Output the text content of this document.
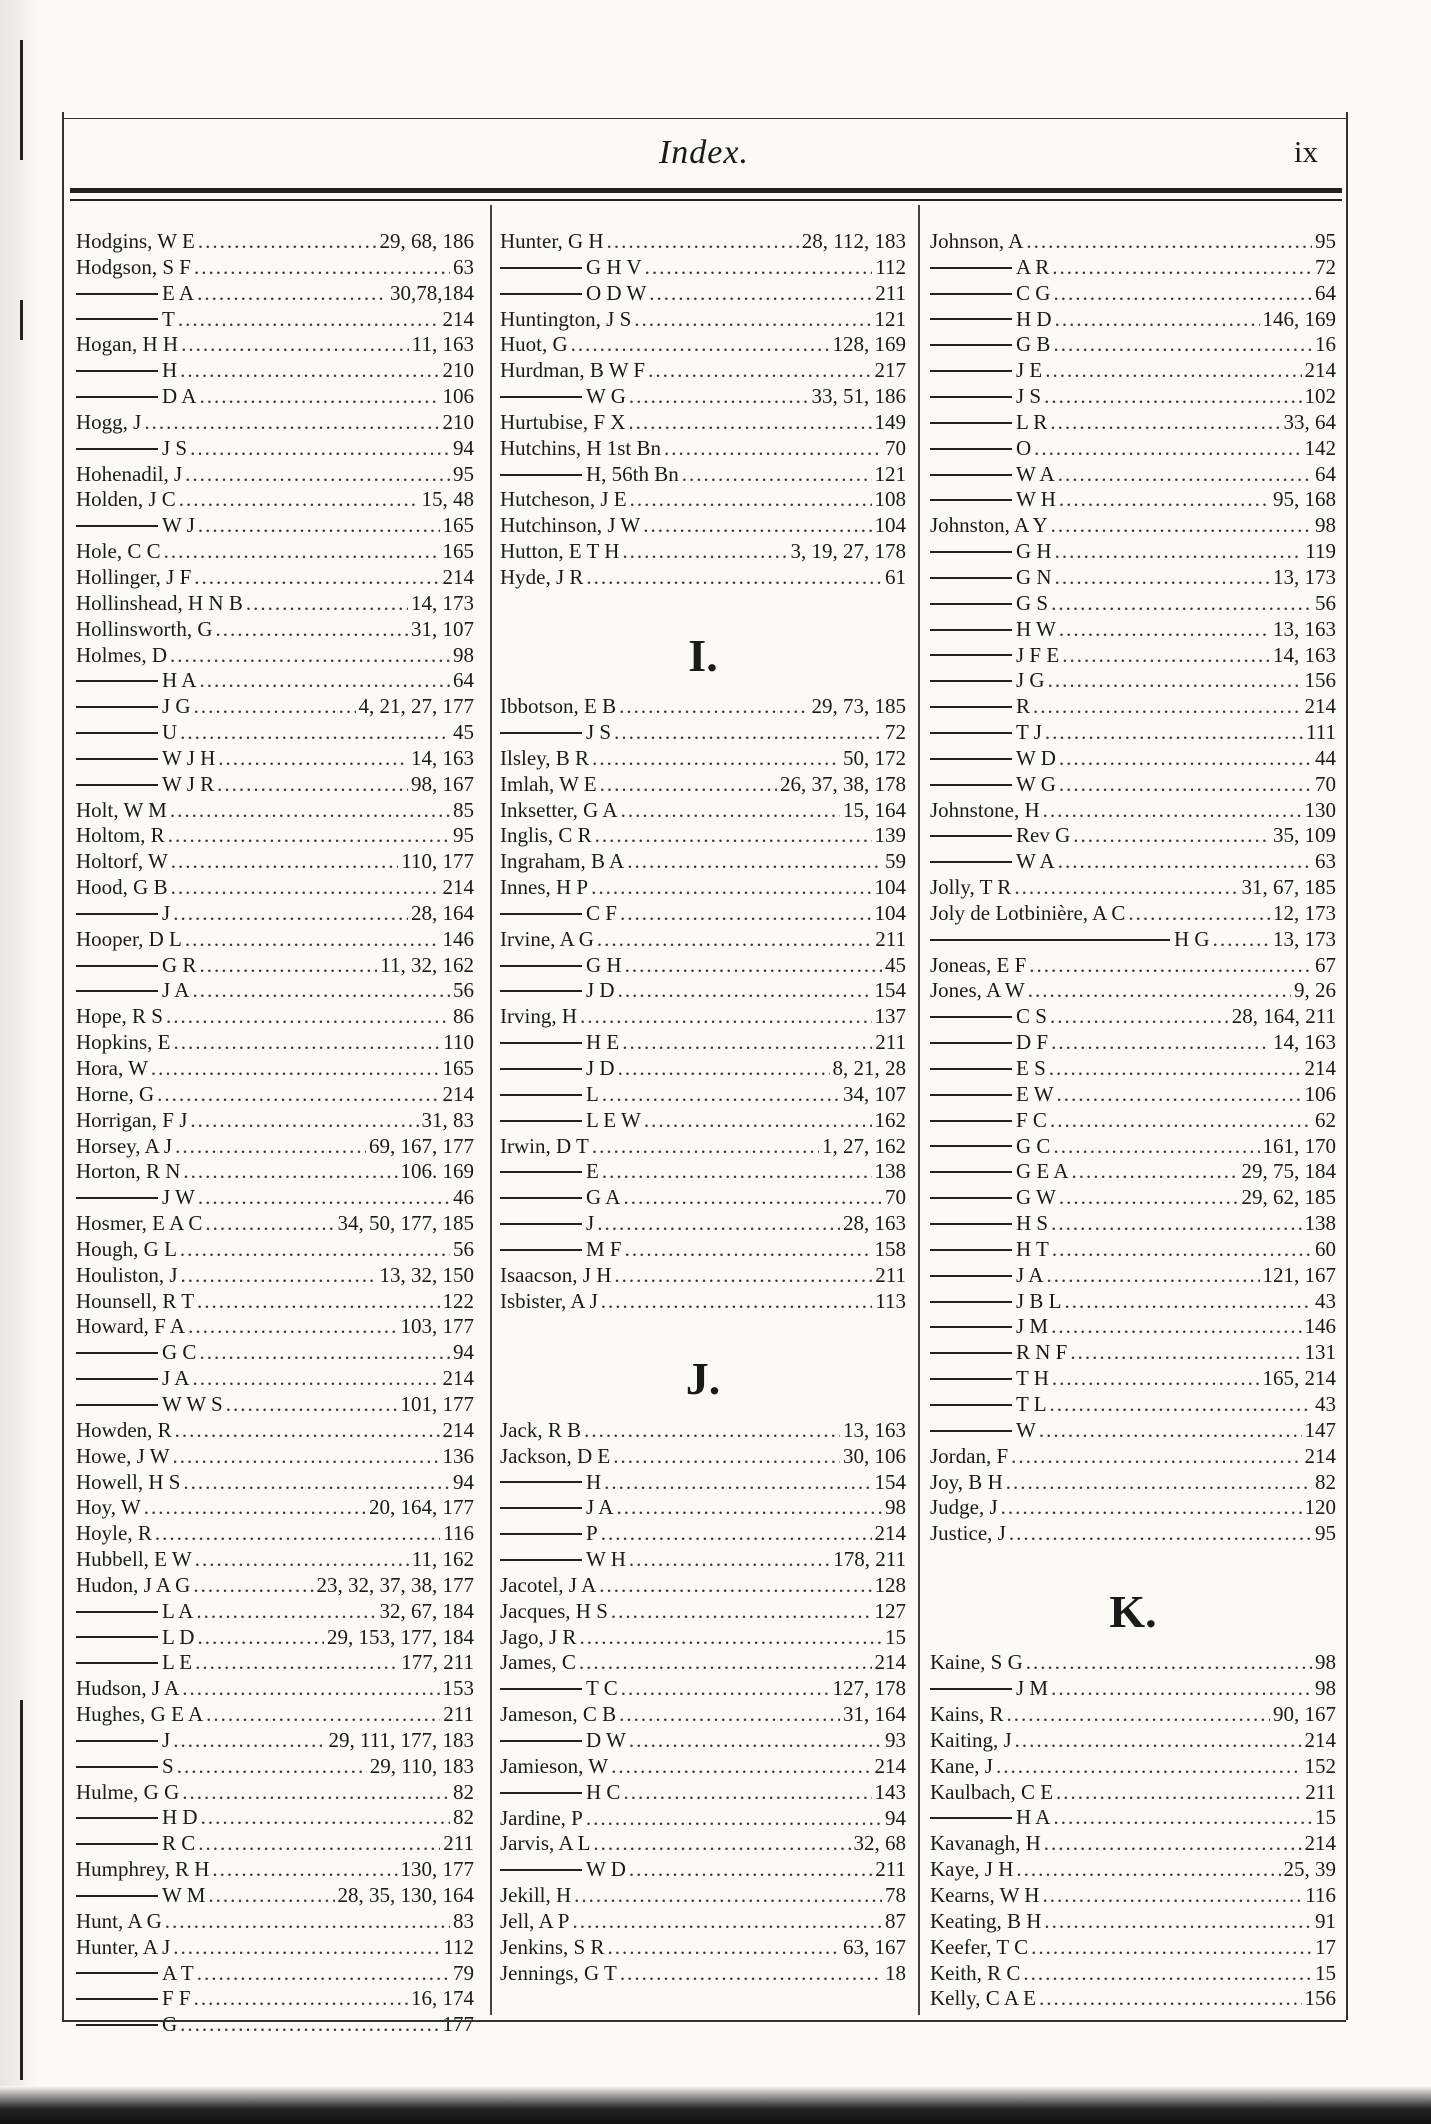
Index.	ix
Hodgins, W E .....	29, 68, 186
Hodgson, S F .....	63
E A .....	30,78,184
T .....	214
Hogan, H H .....	11, 163
H .....	210
D A .....	106
Hogg, J .....	210
J S .....	94
Hohenadil, J .....	95
Holden, J C .....	15, 48
W J .....	165
Hole, C C .....	165
Hollinger, J F .....	214
Hollinshead, H N B .....	14, 173
Hollinsworth, G .....	31, 107
Holmes, D .....	98
H A .....	64
J G .....	4, 21, 27, 177
U .....	45
W J H .....	14, 163
W J R .....	98, 167
Holt, W M .....	85
Holtom, R .....	95
Holtorf, W .....	110, 177
Hood, G B .....	214
J .....	28, 164
Hooper, D L .....	146
G R .....	11, 32, 162
J A .....	56
Hope, R S .....	86
Hopkins, E .....	110
Hora, W .....	165
Horne, G .....	214
Horrigan, F J .....	31, 83
Horsey, A J .....	69, 167, 177
Horton, R N .....	106. 169
J W .....	46
Hosmer, E A C .....	34, 50, 177, 185
Hough, G L .....	56
Houliston, J .....	13, 32, 150
Hounsell, R T .....	122
Howard, F A .....	103, 177
G C .....	94
J A .....	214
W W S .....	101, 177
Howden, R .....	214
Howe, J W .....	136
Howell, H S .....	94
Hoy, W .....	20, 164, 177
Hoyle, R .....	116
Hubbell, E W .....	11, 162
Hudon, J A G .....	23, 32, 37, 38, 177
L A .....	32, 67, 184
L D .....	29, 153, 177, 184
L E .....	177, 211
Hudson, J A .....	153
Hughes, G E A .....	211
J .....	29, 111, 177, 183
S .....	29, 110, 183
Hulme, G G .....	82
H D .....	82
R C .....	211
Humphrey, R H .....	130, 177
W M .....	28, 35, 130, 164
Hunt, A G .....	83
Hunter, A J .....	112
A T .....	79
F F .....	16, 174
G .....	177
Hunter, G H .....	28, 112, 183
G H V .....	112
O D W .....	211
Huntington, J S .....	121
Huot, G .....	128, 169
Hurdman, B W F .....	217
W G .....	33, 51, 186
Hurtubise, F X .....	149
Hutchins, H 1st Bn .....	70
H, 56th Bn .....	121
Hutcheson, J E .....	108
Hutchinson, J W .....	104
Hutton, E T H .....	3, 19, 27, 178
Hyde, J R .....	61
I.
Ibbotson, E B .....	29, 73, 185
J S .....	72
Ilsley, B R .....	50, 172
Imlah, W E .....	26, 37, 38, 178
Inksetter, G A .....	15, 164
Inglis, C R .....	139
Ingraham, B A .....	59
Innes, H P .....	104
C F .....	104
Irvine, A G .....	211
G H .....	45
J D .....	154
Irving, H .....	137
H E .....	211
J D .....	8, 21, 28
L .....	34, 107
L E W .....	162
Irwin, D T .....	1, 27, 162
E .....	138
G A .....	70
J .....	28, 163
M F .....	158
Isaacson, J H .....	211
Isbister, A J .....	113
J.
Jack, R B .....	13, 163
Jackson, D E .....	30, 106
H .....	154
J A .....	98
P .....	214
W H .....	178, 211
Jacotel, J A .....	128
Jacques, H S .....	127
Jago, J R .....	15
James, C .....	214
T C .....	127, 178
Jameson, C B .....	31, 164
D W .....	93
Jamieson, W .....	214
H C .....	143
Jardine, P .....	94
Jarvis, A L .....	32, 68
W D .....	211
Jekill, H .....	78
Jell, A P .....	87
Jenkins, S R .....	63, 167
Jennings, G T .....	18
Johnson, A .....	95
A R .....	72
C G .....	64
H D .....	146, 169
G B .....	16
J E .....	214
J S .....	102
L R .....	33, 64
O .....	142
W A .....	64
W H .....	95, 168
Johnston, A Y .....	98
G H .....	119
G N .....	13, 173
G S .....	56
H W .....	13, 163
J F E .....	14, 163
J G .....	156
R .....	214
T J .....	111
W D .....	44
W G .....	70
Johnstone, H .....	130
Rev G .....	35, 109
W A .....	63
Jolly, T R .....	31, 67, 185
Joly de Lotbinière, A C .....	12, 173
H G .....	13, 173
Joneas, E F .....	67
Jones, A W .....	9, 26
C S .....	28, 164, 211
D F .....	14, 163
E S .....	214
E W .....	106
F C .....	62
G C .....	161, 170
G E A .....	29, 75, 184
G W .....	29, 62, 185
H S .....	138
H T .....	60
J A .....	121, 167
J B L .....	43
J M .....	146
R N F .....	131
T H .....	165, 214
T L .....	43
W .....	147
Jordan, F .....	214
Joy, B H .....	82
Judge, J .....	120
Justice, J .....	95
K.
Kaine, S G .....	98
J M .....	98
Kains, R .....	90, 167
Kaiting, J .....	214
Kane, J .....	152
Kaulbach, C E .....	211
H A .....	15
Kavanagh, H .....	214
Kaye, J H .....	25, 39
Kearns, W H .....	116
Keating, B H .....	91
Keefer, T C .....	17
Keith, R C .....	15
Kelly, C A E .....	156
